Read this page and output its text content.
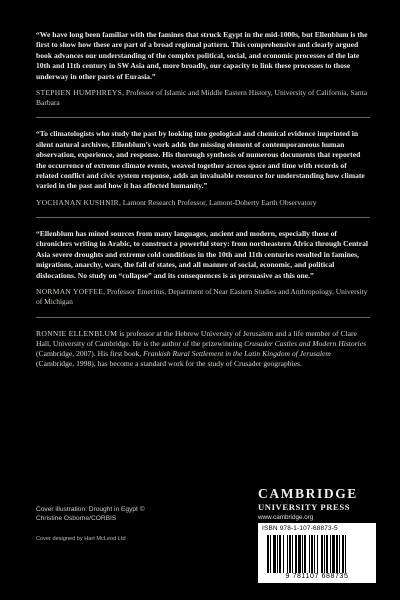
“We have long been familiar with the famines that struck Egypt in the mid-1000s, but Ellenblum is the first to show how these are part of a broad regional pattern. This comprehensive and clearly argued book advances our understanding of the complex political, social, and economic processes of the late 10th and 11th century in SW Asia and, more broadly, our capacity to link these processes to those underway in other parts of Eurasia.”

STEPHEN HUMPHREYS, Professor of Islamic and Middle Eastern History, University of California, Santa Barbara

“To climatologists who study the past by looking into geological and chemical evidence imprinted in silent natural archives, Ellenblum’s work adds the missing element of contemporaneous human observation, experience, and response. His thorough synthesis of numerous documents that reported the occurrence of extreme climate events, weaved together across space and time with records of related conflict and civic system response, adds an invaluable resource for understanding how climate varied in the past and how it has affected humanity.”

YOCHANAN KUSHNIR, Lamont Research Professor, Lamont-Doherty Earth Observatory

“Ellenblum has mined sources from many languages, ancient and modern, especially those of chroniclers writing in Arabic, to construct a powerful story: from northeastern Africa through Central Asia severe droughts and extreme cold conditions in the 10th and 11th centuries resulted in famines, migrations, anarchy, wars, the fall of states, and all manner of social, economic, and political dislocations. No study on “collapse” and its consequences is as persuasive as this one.”

NORMAN YOFFEE, Professor Emeritus, Department of Near Eastern Studies and Anthropology, University of Michigan

RONNIE ELLENBLUM is professor at the Hebrew University of Jerusalem and a life member of Clare Hall, University of Cambridge. He is the author of the prizewinning Crusader Castles and Modern Histories (Cambridge, 2007). His first book, Frankish Rural Settlement in the Latin Kingdom of Jerusalem (Cambridge, 1998), has become a standard work for the study of Crusader geographies.

Cover illustration: Drought in Egypt ©

Christine Osborne/CORBIS

Cover designed by Hart McLeod Ltd
CAMBRIDGE
UNIVERSITY PRESS
www.cambridge.org
ISBN 978-1-107-68873-5
9 781107 688735
